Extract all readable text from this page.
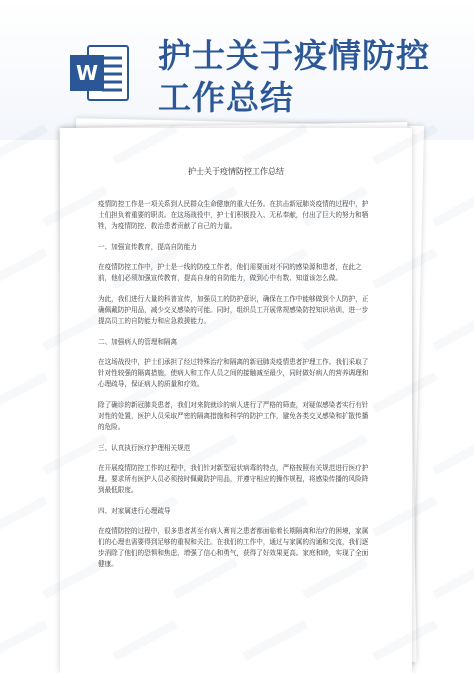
W 护士关于疫情防控
工作总结
护士关于疫情防控工作总结
疫情防控工作是一项关系到人民群众生命健康的重大任务。在抗击新冠肺炎疫情的过程中，护士们担负着重要的职责。在这场战役中，护士们积极投入、无私奉献，付出了巨大的努力和牺牲，为疫情防控、救治患者贡献了自己的力量。
一、加强宣传教育，提高自防能力
在疫情防控工作中，护士是一线的防疫工作者，他们需要面对不同的感染源和患者，在此之前，他们必须加强宣传教育，提高自身的自防能力，做到心中有数、知道该怎么做。
为此，我们进行大量的科普宣传，加强员工的防护意识，确保在工作中能够做到个人防护，正确佩戴防护用品，减少交叉感染的可能。同时，组织员工开展常规感染防控知识培训，进一步提高员工的自防能力和应急救援能力。
二、加强病人的管理和隔离
在这场战役中，护士们承担了经过特殊治疗和隔离的新冠肺炎疫情患者护理工作。我们采取了针对性较强的隔离措施，使病人和工作人员之间的接触减至最少，同时做好病人的营养调理和心理疏导，保证病人的质量和疗效。
除了确诊的新冠肺炎患者，我们对来院就诊的病人进行了严格的筛查，对疑似感染者实行有针对性的处置，医护人员采取严密的隔离措施和科学的防护工作，避免各类交叉感染和扩散传播的危险。
三、认真执行医疗护理相关规范
在开展疫情防控工作的过程中，我们针对新型冠状病毒的特点，严格按照有关规范进行医疗护理。要求所有医护人员必须按时佩戴防护用品，并遵守相应的操作规程，将感染传播的风险降到最低限度。
四、对家属进行心理疏导
在疫情防控的过程中，很多患者甚至有病人膏肓之患者都面临着长期隔离和治疗的困境，家属们的心理也需要得到足够的重视和关注。在我们的工作中，通过与家属的沟通和交流，我们逐步消除了他们的恐惧和焦虑，增强了信心和勇气，获得了好效果更高。家庭和睦，实现了全面健康。
